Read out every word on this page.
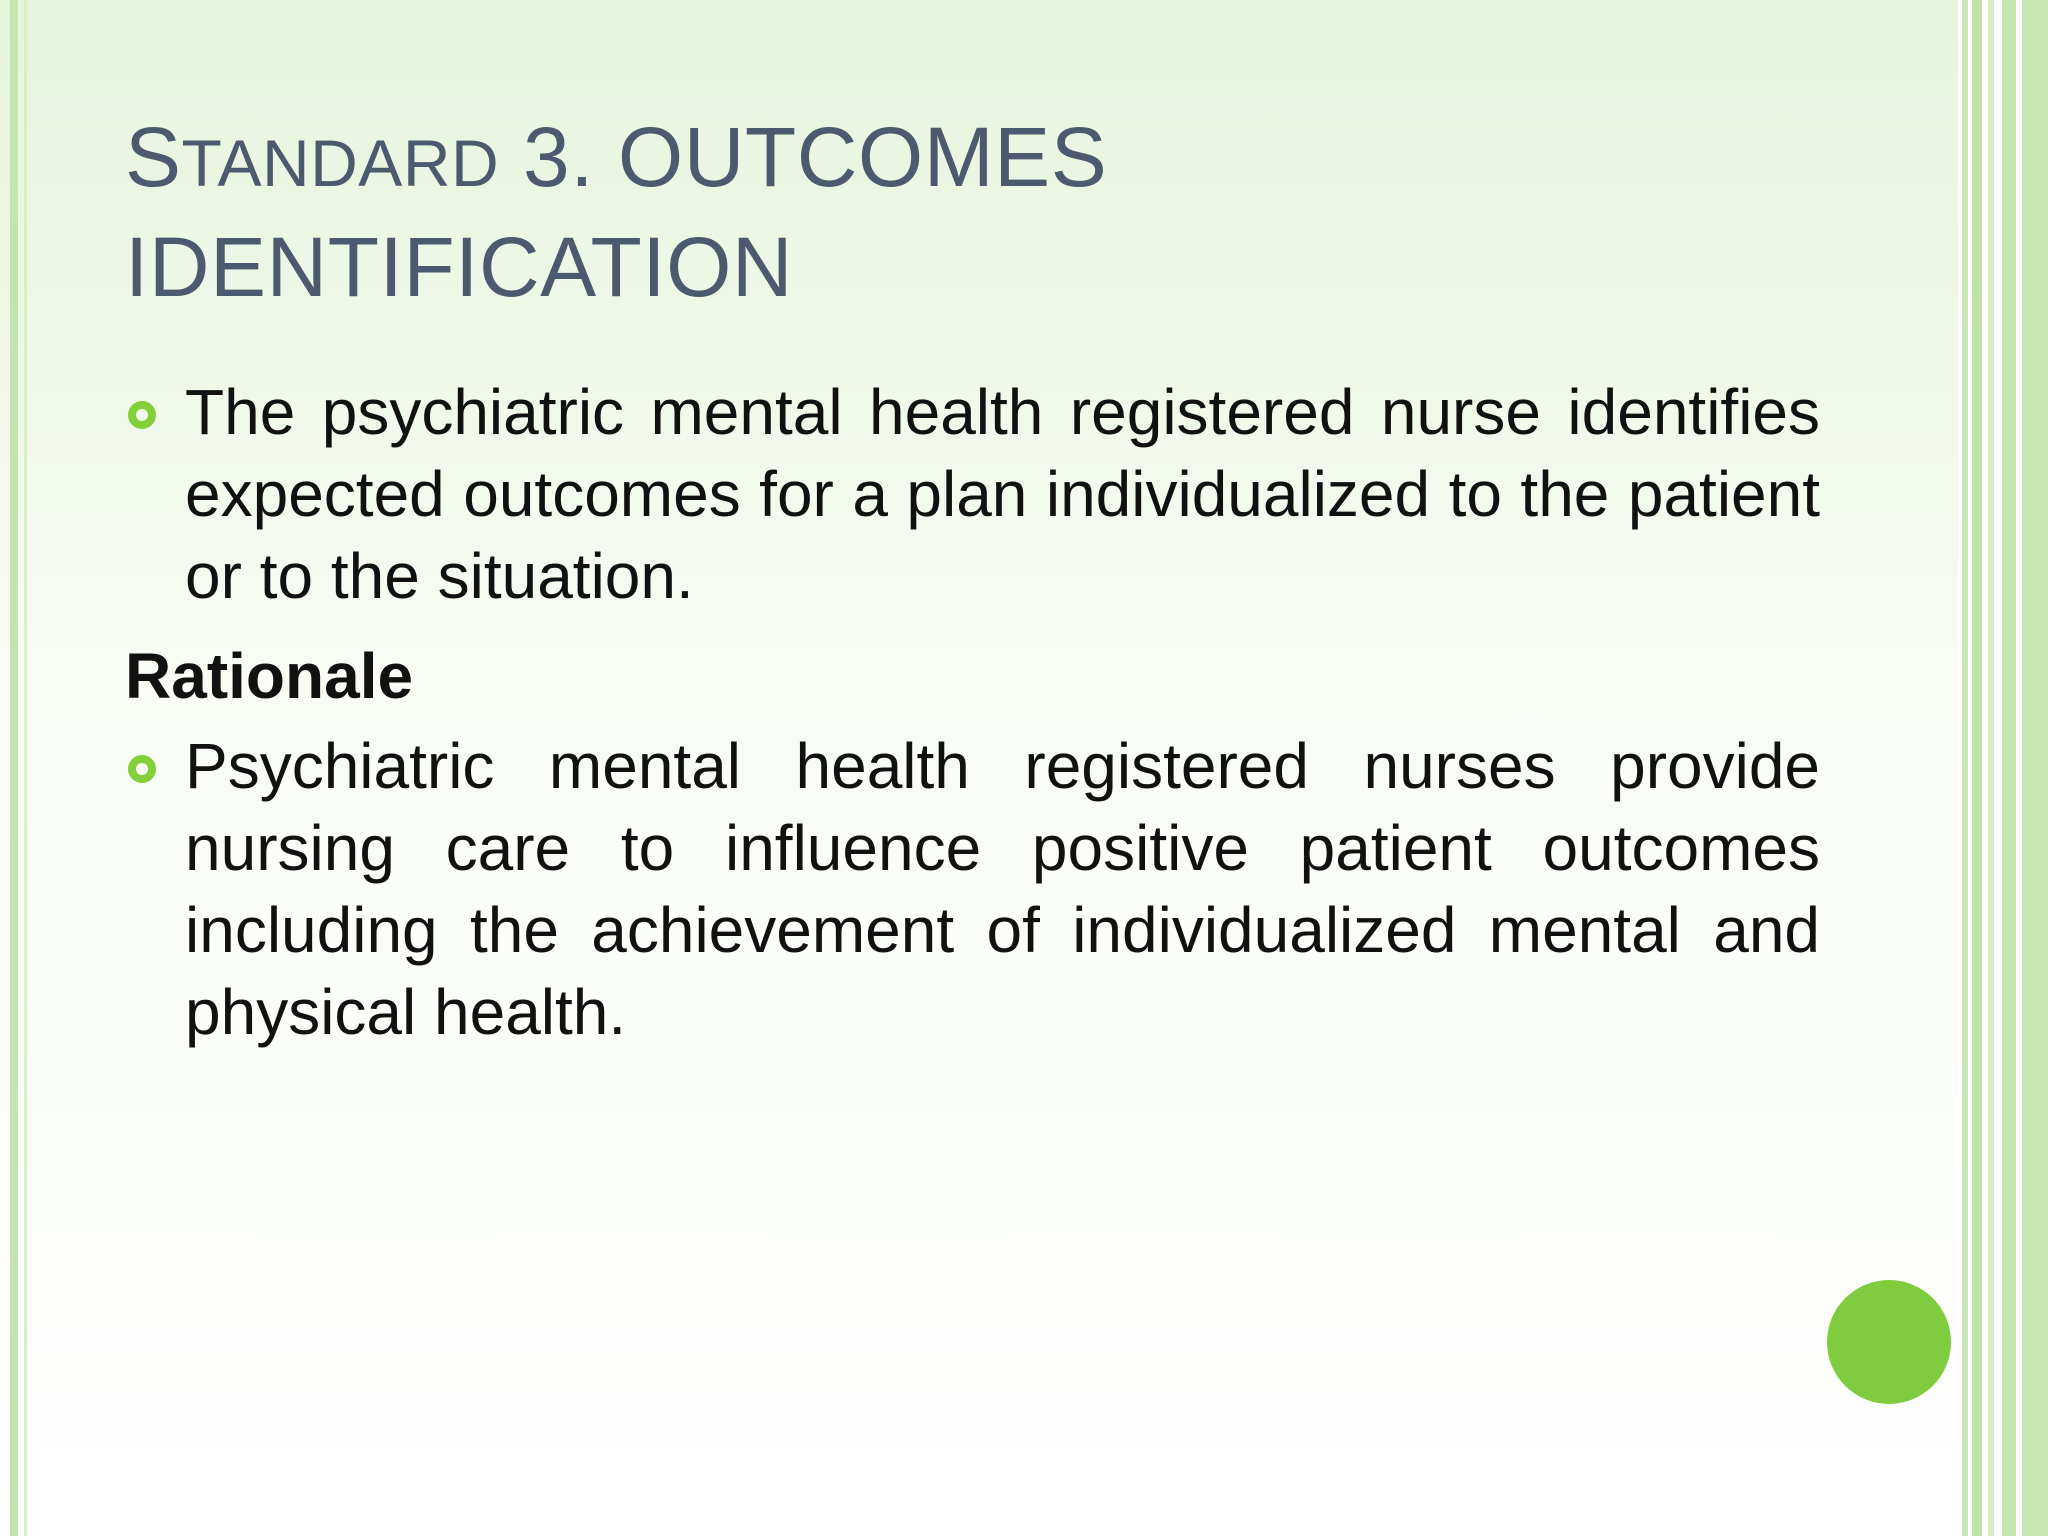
STANDARD 3. OUTCOMES
IDENTIFICATION

The psychiatric mental health registered nurse identifies expected outcomes for a plan individualized to the patient or to the situation.

Rationale

Psychiatric mental health registered nurses provide nursing care to influence positive patient outcomes including the achievement of individualized mental and physical health.
